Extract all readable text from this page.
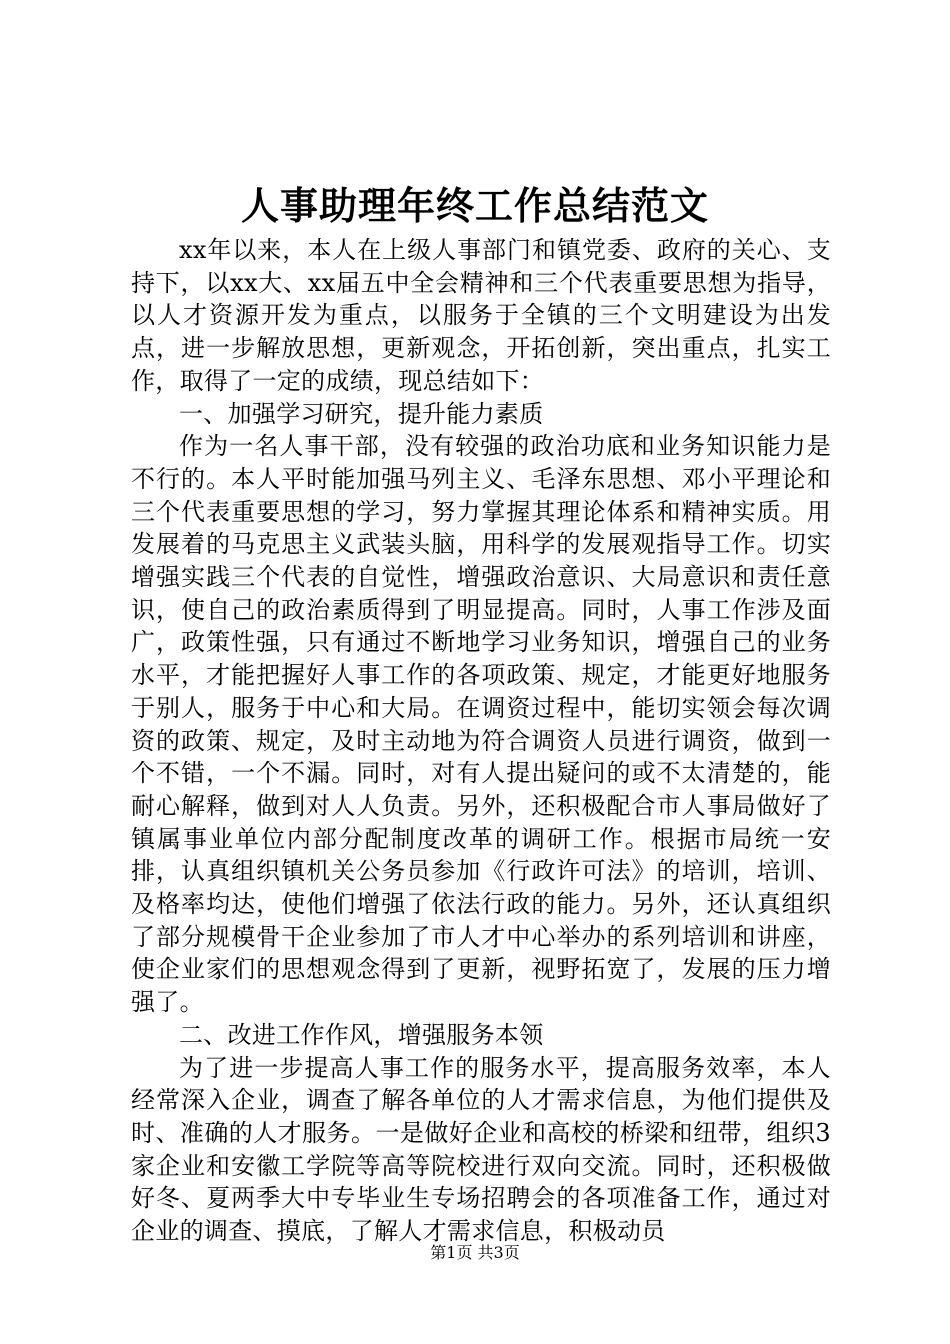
人事助理年终工作总结范文

xx年以来，本人在上级人事部门和镇党委、政府的关心、支持下，以xx大、xx届五中全会精神和三个代表重要思想为指导，以人才资源开发为重点，以服务于全镇的三个文明建设为出发点，进一步解放思想，更新观念，开拓创新，突出重点，扎实工作，取得了一定的成绩，现总结如下：

一、加强学习研究，提升能力素质

作为一名人事干部，没有较强的政治功底和业务知识能力是不行的。本人平时能加强马列主义、毛泽东思想、邓小平理论和三个代表重要思想的学习，努力掌握其理论体系和精神实质。用发展着的马克思主义武装头脑，用科学的发展观指导工作。切实增强实践三个代表的自觉性，增强政治意识、大局意识和责任意识，使自己的政治素质得到了明显提高。同时，人事工作涉及面广，政策性强，只有通过不断地学习业务知识，增强自己的业务水平，才能把握好人事工作的各项政策、规定，才能更好地服务于别人，服务于中心和大局。在调资过程中，能切实领会每次调资的政策、规定，及时主动地为符合调资人员进行调资，做到一个不错，一个不漏。同时，对有人提出疑问的或不太清楚的，能耐心解释，做到对人人负责。另外，还积极配合市人事局做好了镇属事业单位内部分配制度改革的调研工作。根据市局统一安排，认真组织镇机关公务员参加《行政许可法》的培训，培训、及格率均达，使他们增强了依法行政的能力。另外，还认真组织了部分规模骨干企业参加了市人才中心举办的系列培训和讲座，使企业家们的思想观念得到了更新，视野拓宽了，发展的压力增强了。

二、改进工作作风，增强服务本领

为了进一步提高人事工作的服务水平，提高服务效率，本人经常深入企业，调查了解各单位的人才需求信息，为他们提供及时、准确的人才服务。一是做好企业和高校的桥梁和纽带，组织3家企业和安徽工学院等高等院校进行双向交流。同时，还积极做好冬、夏两季大中专毕业生专场招聘会的各项准备工作，通过对企业的调查、摸底，了解人才需求信息，积极动员

第1页 共3页
